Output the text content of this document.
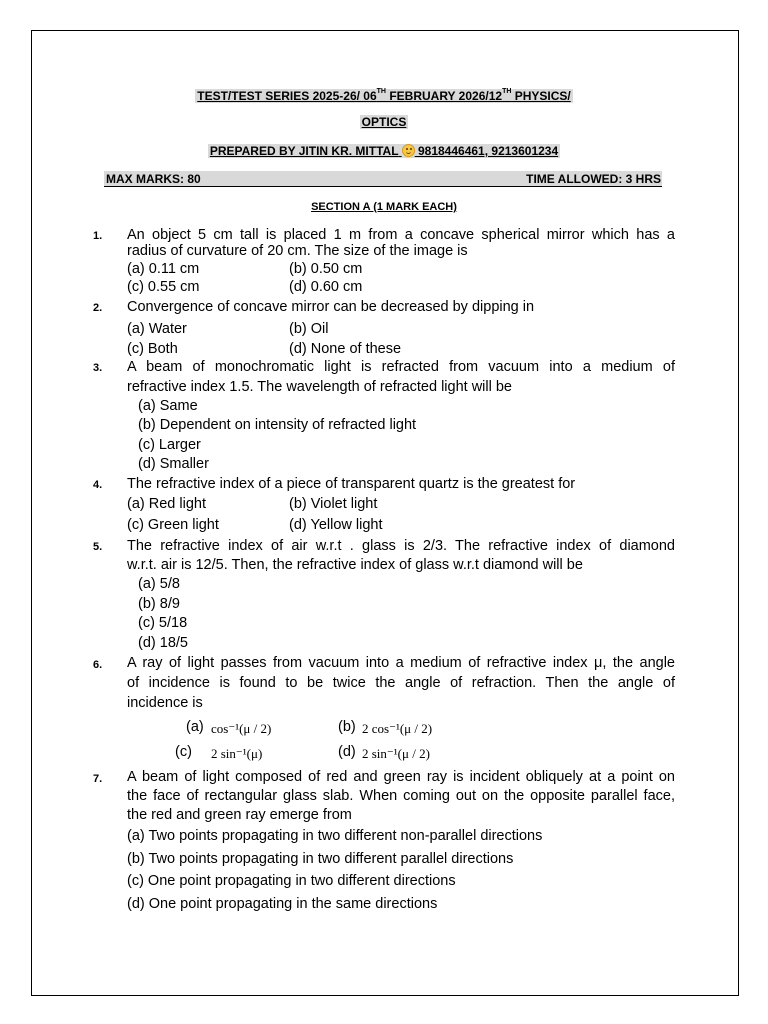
TEST/TEST SERIES 2025-26/ 06TH FEBRUARY 2026/12TH PHYSICS/
OPTICS
PREPARED BY JITIN KR. MITTAL  9818446461, 9213601234
MAX MARKS: 80	TIME ALLOWED: 3 HRS
SECTION A (1 MARK EACH)
1. An object 5 cm tall is placed 1 m from a concave spherical mirror which has a
radius of curvature of 20 cm. The size of the image is
(a) 0.11 cm	(b) 0.50 cm
(c) 0.55 cm	(d) 0.60 cm
2. Convergence of concave mirror can be decreased by dipping in
(a) Water	(b) Oil
(c) Both	(d) None of these
3. A beam of monochromatic light is refracted from vacuum into a medium of
refractive index 1.5. The wavelength of refracted light will be
(a) Same
(b) Dependent on intensity of refracted light
(c) Larger
(d) Smaller
4. The refractive index of a piece of transparent quartz is the greatest for
(a) Red light	(b) Violet light
(c) Green light	(d) Yellow light
5. The refractive index of air w.r.t . glass is 2/3. The refractive index of diamond
w.r.t. air is 12/5. Then, the refractive index of glass w.r.t diamond will be
(a) 5/8
(b) 8/9
(c) 5/18
(d) 18/5
6. A ray of light passes from vacuum into a medium of refractive index μ, the angle
of incidence is found to be twice the angle of refraction. Then the angle of
incidence is
(a) cos⁻¹(μ / 2)	(b) 2 cos⁻¹(μ / 2)
(c) 2 sin⁻¹(μ)	(d) 2 sin⁻¹(μ / 2)
7. A beam of light composed of red and green ray is incident obliquely at a point on
the face of rectangular glass slab. When coming out on the opposite parallel face,
the red and green ray emerge from
(a) Two points propagating in two different non-parallel directions
(b) Two points propagating in two different parallel directions
(c) One point propagating in two different directions
(d) One point propagating in the same directions
